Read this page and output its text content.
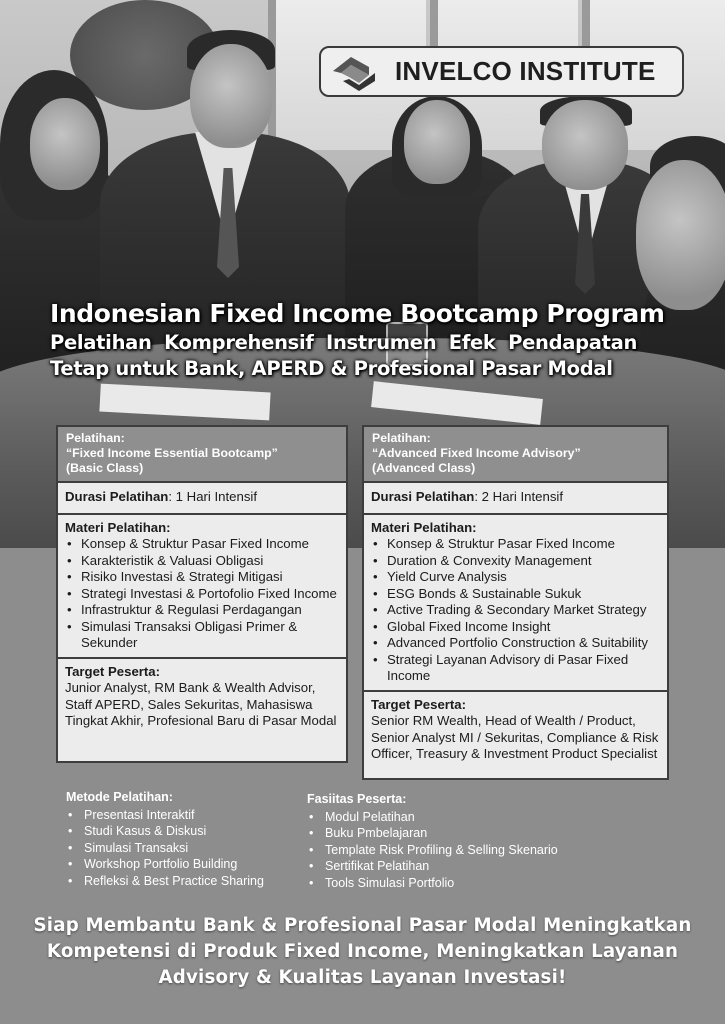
INVELCO INSTITUTE
Indonesian Fixed Income Bootcamp Program
Pelatihan Komprehensif Instrumen Efek Pendapatan
Tetap untuk Bank, APERD & Profesional Pasar Modal
Pelatihan:
“Fixed Income Essential Bootcamp”
(Basic Class)
Durasi Pelatihan: 1 Hari Intensif
Materi Pelatihan:
• Konsep & Struktur Pasar Fixed Income
• Karakteristik & Valuasi Obligasi
• Risiko Investasi & Strategi Mitigasi
• Strategi Investasi & Portofolio Fixed Income
• Infrastruktur & Regulasi Perdagangan
• Simulasi Transaksi Obligasi Primer & Sekunder
Target Peserta:
Junior Analyst, RM Bank & Wealth Advisor, Staff APERD, Sales Sekuritas, Mahasiswa Tingkat Akhir, Profesional Baru di Pasar Modal
Pelatihan:
“Advanced Fixed Income Advisory”
(Advanced Class)
Durasi Pelatihan: 2 Hari Intensif
Materi Pelatihan:
• Konsep & Struktur Pasar Fixed Income
• Duration & Convexity Management
• Yield Curve Analysis
• ESG Bonds & Sustainable Sukuk
• Active Trading & Secondary Market Strategy
• Global Fixed Income Insight
• Advanced Portfolio Construction & Suitability
• Strategi Layanan Advisory di Pasar Fixed Income
Target Peserta:
Senior RM Wealth, Head of Wealth / Product, Senior Analyst MI / Sekuritas, Compliance & Risk Officer, Treasury & Investment Product Specialist
Metode Pelatihan:
• Presentasi Interaktif
• Studi Kasus & Diskusi
• Simulasi Transaksi
• Workshop Portfolio Building
• Refleksi & Best Practice Sharing
Fasiitas Peserta:
• Modul Pelatihan
• Buku Pmbelajaran
• Template Risk Profiling & Selling Skenario
• Sertifikat Pelatihan
• Tools Simulasi Portfolio
Siap Membantu Bank & Profesional Pasar Modal Meningkatkan
Kompetensi di Produk Fixed Income, Meningkatkan Layanan
Advisory & Kualitas Layanan Investasi!
